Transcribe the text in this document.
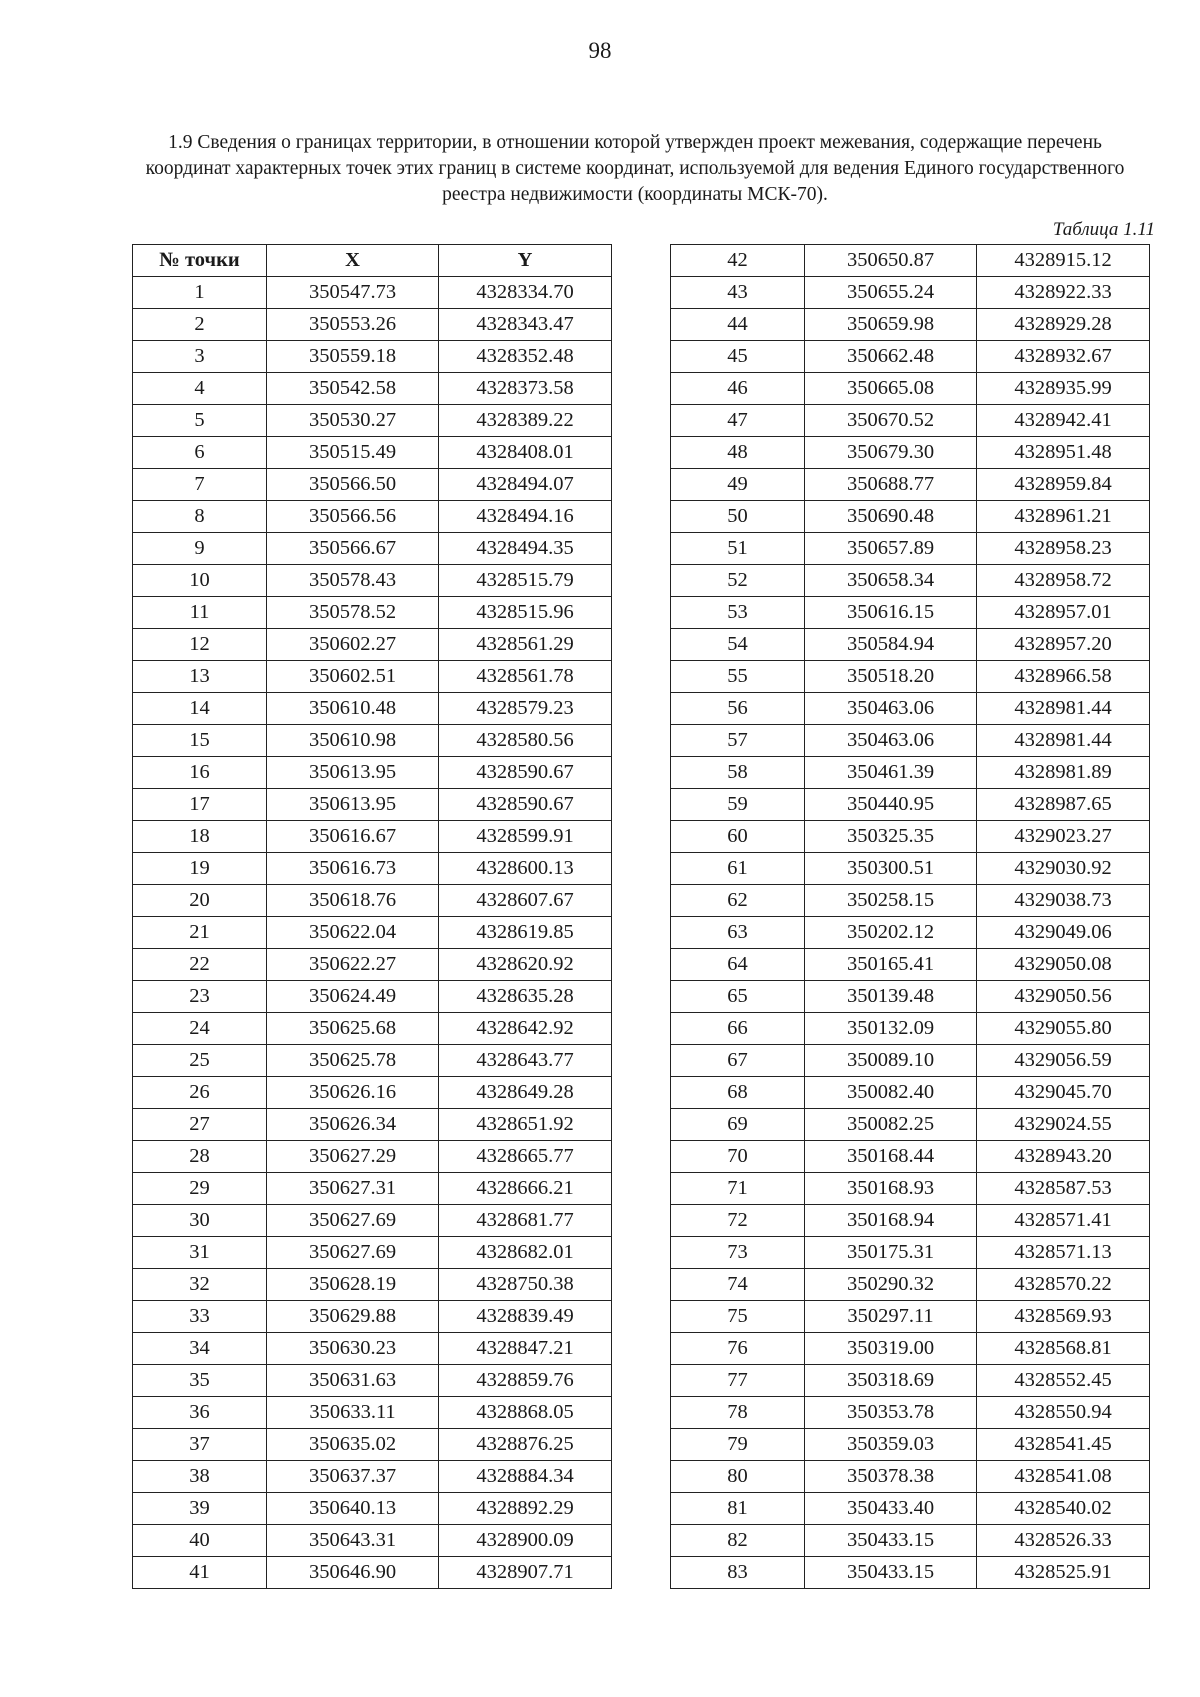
98
1.9 Сведения о границах территории, в отношении которой утвержден проект межевания, содержащие перечень координат характерных точек этих границ в системе координат, используемой для ведения Единого государственного реестра недвижимости (координаты МСК-70).
Таблица 1.11
№ точки	X	Y
1	350547.73	4328334.70
2	350553.26	4328343.47
3	350559.18	4328352.48
4	350542.58	4328373.58
5	350530.27	4328389.22
6	350515.49	4328408.01
7	350566.50	4328494.07
8	350566.56	4328494.16
9	350566.67	4328494.35
10	350578.43	4328515.79
11	350578.52	4328515.96
12	350602.27	4328561.29
13	350602.51	4328561.78
14	350610.48	4328579.23
15	350610.98	4328580.56
16	350613.95	4328590.67
17	350613.95	4328590.67
18	350616.67	4328599.91
19	350616.73	4328600.13
20	350618.76	4328607.67
21	350622.04	4328619.85
22	350622.27	4328620.92
23	350624.49	4328635.28
24	350625.68	4328642.92
25	350625.78	4328643.77
26	350626.16	4328649.28
27	350626.34	4328651.92
28	350627.29	4328665.77
29	350627.31	4328666.21
30	350627.69	4328681.77
31	350627.69	4328682.01
32	350628.19	4328750.38
33	350629.88	4328839.49
34	350630.23	4328847.21
35	350631.63	4328859.76
36	350633.11	4328868.05
37	350635.02	4328876.25
38	350637.37	4328884.34
39	350640.13	4328892.29
40	350643.31	4328900.09
41	350646.90	4328907.71
42	350650.87	4328915.12
43	350655.24	4328922.33
44	350659.98	4328929.28
45	350662.48	4328932.67
46	350665.08	4328935.99
47	350670.52	4328942.41
48	350679.30	4328951.48
49	350688.77	4328959.84
50	350690.48	4328961.21
51	350657.89	4328958.23
52	350658.34	4328958.72
53	350616.15	4328957.01
54	350584.94	4328957.20
55	350518.20	4328966.58
56	350463.06	4328981.44
57	350463.06	4328981.44
58	350461.39	4328981.89
59	350440.95	4328987.65
60	350325.35	4329023.27
61	350300.51	4329030.92
62	350258.15	4329038.73
63	350202.12	4329049.06
64	350165.41	4329050.08
65	350139.48	4329050.56
66	350132.09	4329055.80
67	350089.10	4329056.59
68	350082.40	4329045.70
69	350082.25	4329024.55
70	350168.44	4328943.20
71	350168.93	4328587.53
72	350168.94	4328571.41
73	350175.31	4328571.13
74	350290.32	4328570.22
75	350297.11	4328569.93
76	350319.00	4328568.81
77	350318.69	4328552.45
78	350353.78	4328550.94
79	350359.03	4328541.45
80	350378.38	4328541.08
81	350433.40	4328540.02
82	350433.15	4328526.33
83	350433.15	4328525.91
